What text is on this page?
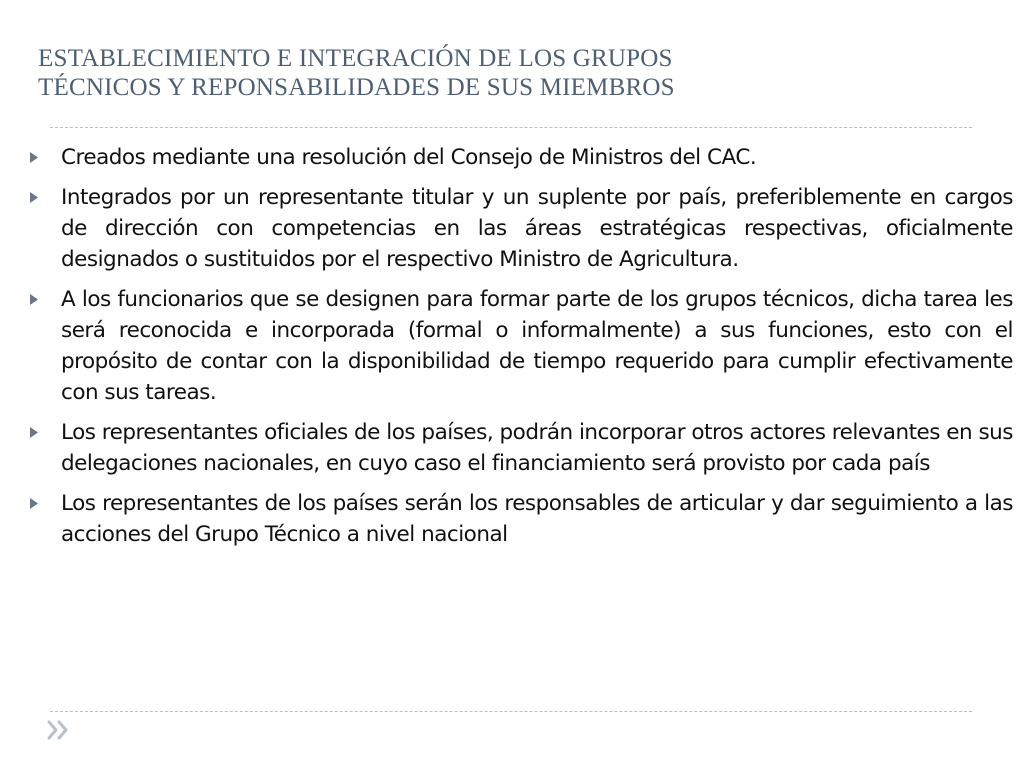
ESTABLECIMIENTO E INTEGRACIÓN DE LOS GRUPOS
TÉCNICOS Y REPONSABILIDADES DE SUS MIEMBROS
Creados mediante una resolución del Consejo de Ministros del CAC.
Integrados por un representante titular y un suplente por país, preferiblemente en cargos de dirección con competencias en las áreas estratégicas respectivas, oficialmente designados o sustituidos por el respectivo Ministro de Agricultura.
A los funcionarios que se designen para formar parte de los grupos técnicos, dicha tarea les será reconocida e incorporada (formal o informalmente) a sus funciones, esto con el propósito de contar con la disponibilidad de tiempo requerido para cumplir efectivamente con sus tareas.
Los representantes oficiales de los países, podrán incorporar otros actores relevantes en sus delegaciones nacionales, en cuyo caso el financiamiento será provisto por cada país
Los representantes de los países serán los responsables de articular y dar seguimiento a las acciones del Grupo Técnico a nivel nacional
